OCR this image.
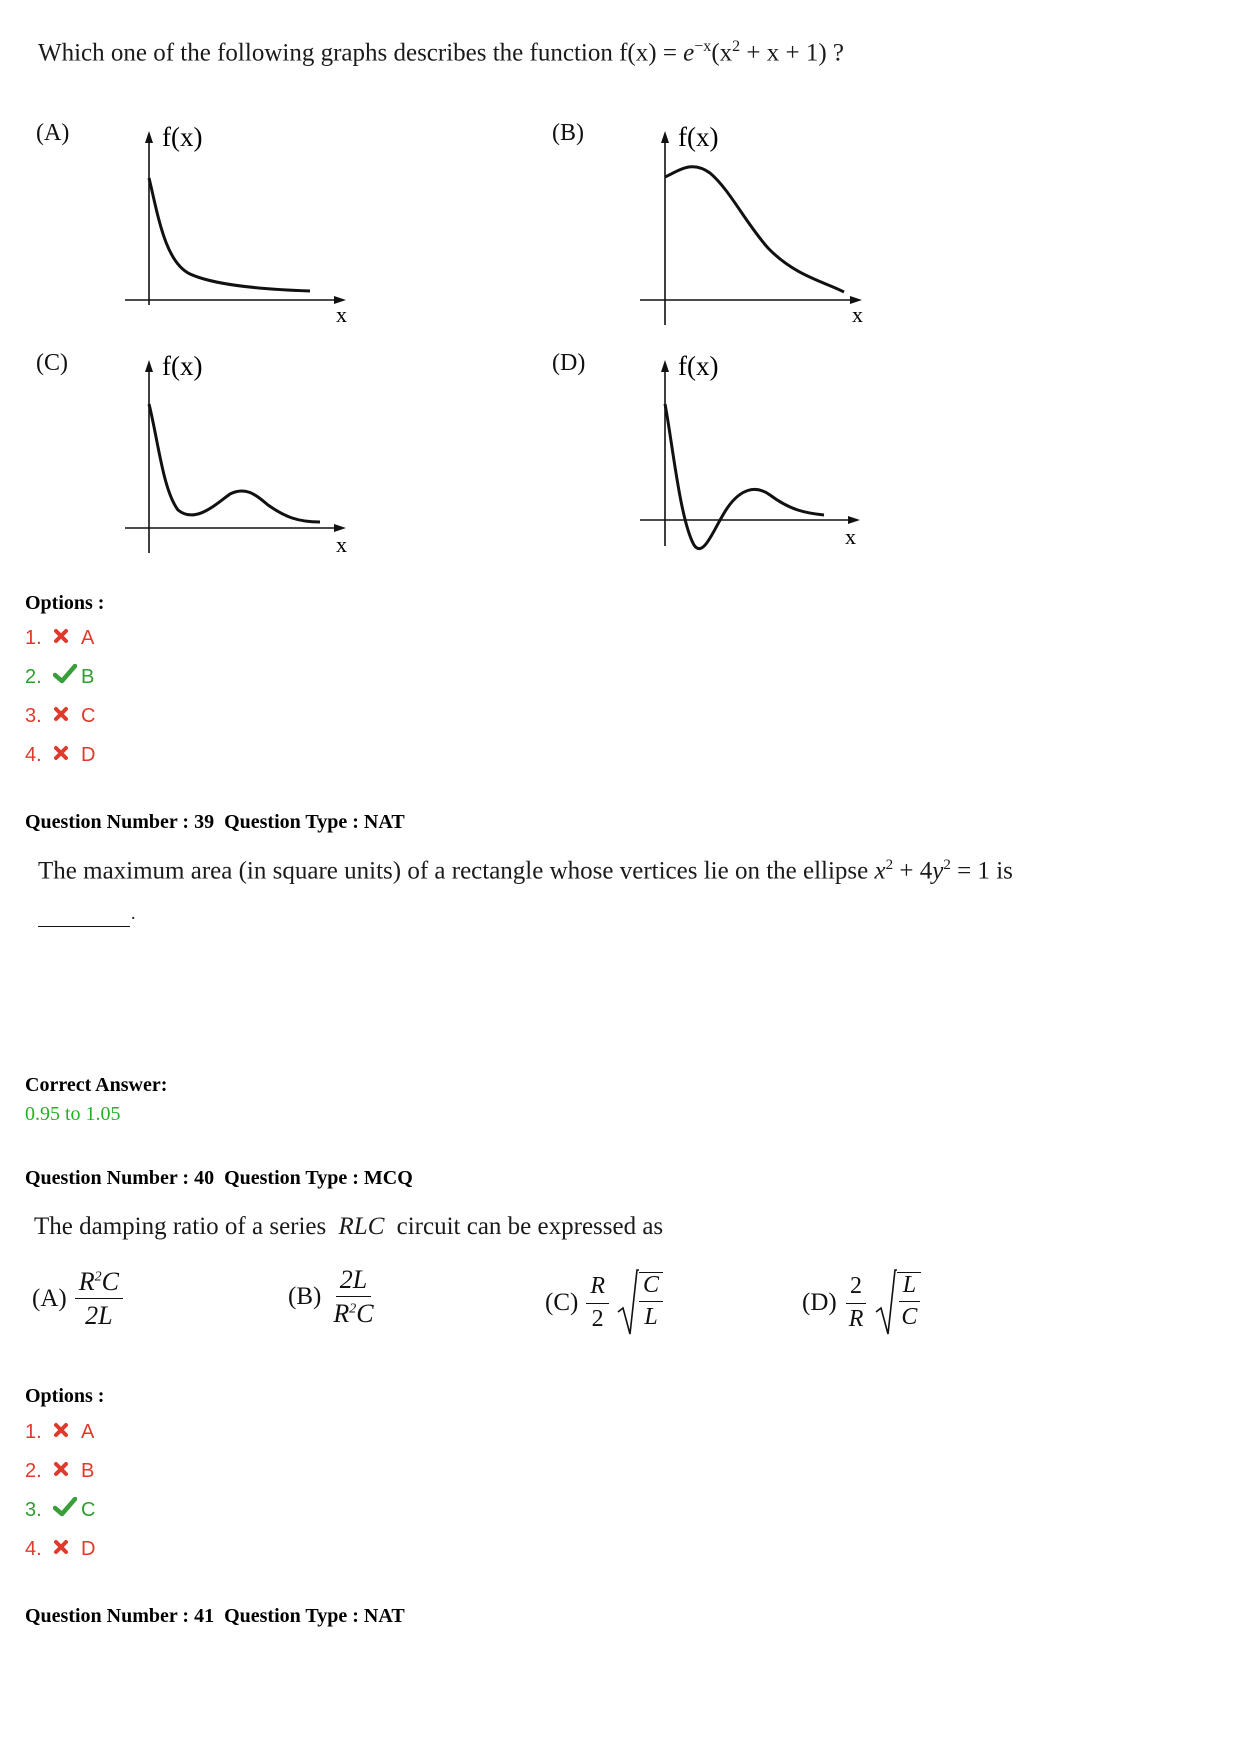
Which one of the following graphs describes the function $f(x) = e^{-x}(x^2 + x + 1)$ ?
(A)	(B)
(C)	(D)
f(x)
x
f(x)
x
f(x)
x
f(x)
x
Options :
1.	A
2.	B
3.	C
4.	D
Question Number : 39  Question Type : NAT
The maximum area (in square units) of a rectangle whose vertices lie on the ellipse $x^2 + 4y^2 = 1$ is
.
Correct Answer:
0.95 to 1.05
Question Number : 40  Question Type : MCQ
The damping ratio of a series RLC circuit can be expressed as
$(A) \frac{R^2C}{2L}$	$(B) \frac{2L}{R^2C}$	$(C) \frac{R}{2} \frac{C}{L}$	$(D) \frac{2}{R} \frac{L}{C}$
Options :
1.	A
2.	B
3.	C
4.	D
Question Number : 41  Question Type : NAT
